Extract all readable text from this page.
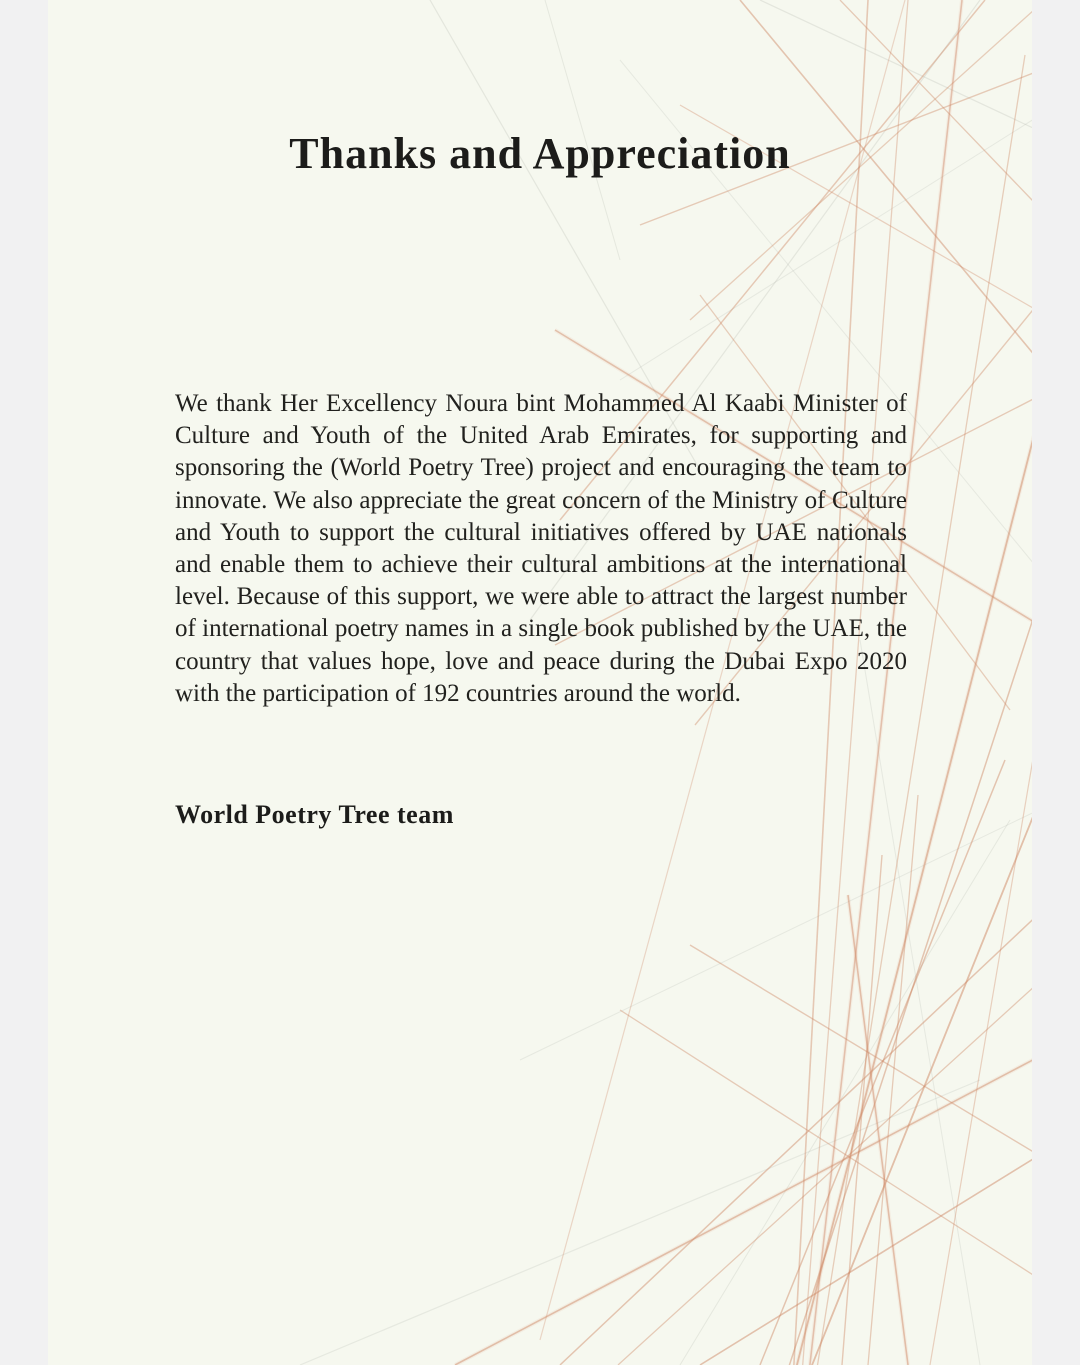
Thanks and Appreciation
We thank Her Excellency Noura bint Mohammed Al Kaabi Minister of Culture and Youth of the United Arab Emirates, for supporting and sponsoring the (World Poetry Tree) project and encouraging the team to innovate. We also appreciate the great concern of the Ministry of Culture and Youth to support the cultural initiatives offered by UAE nationals and enable them to achieve their cultural ambitions at the international level. Because of this support, we were able to attract the largest number of international poetry names in a single book published by the UAE, the country that values hope, love and peace during the Dubai Expo 2020 with the participation of 192 countries around the world.
World Poetry Tree team
